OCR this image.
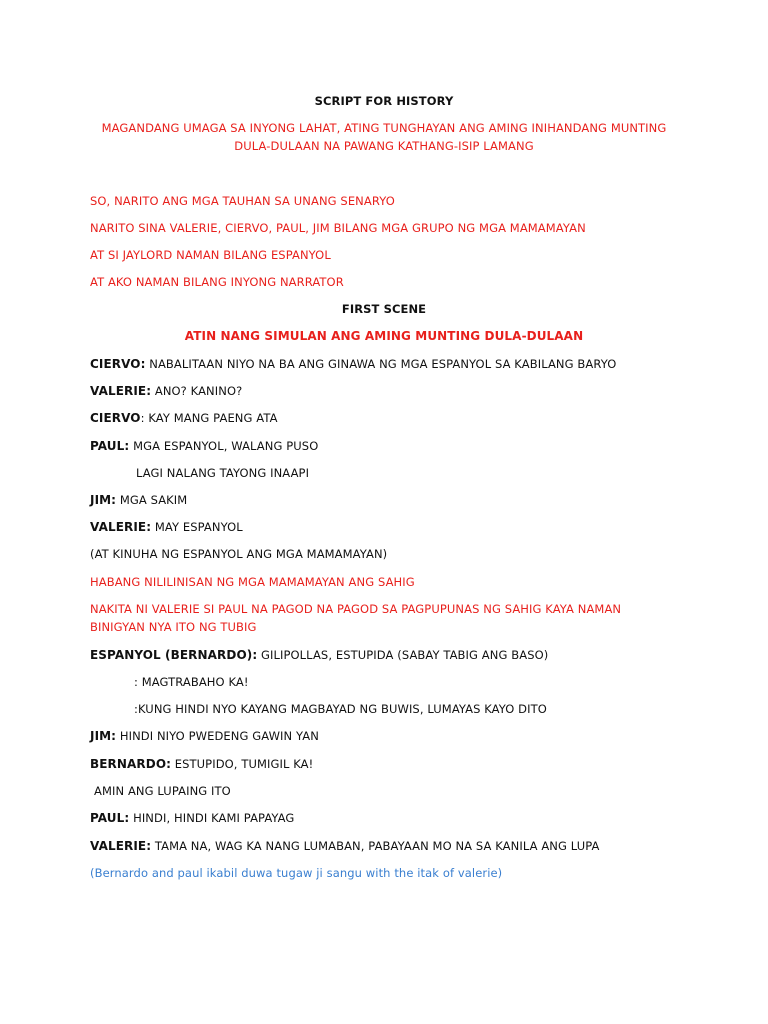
SCRIPT FOR HISTORY
MAGANDANG UMAGA SA INYONG LAHAT, ATING TUNGHAYAN ANG AMING INIHANDANG MUNTING
DULA-DULAAN NA PAWANG KATHANG-ISIP LAMANG
SO, NARITO ANG MGA TAUHAN SA UNANG SENARYO
NARITO SINA VALERIE, CIERVO, PAUL, JIM BILANG MGA GRUPO NG MGA MAMAMAYAN
AT SI JAYLORD NAMAN BILANG ESPANYOL
AT AKO NAMAN BILANG INYONG NARRATOR
FIRST SCENE
ATIN NANG SIMULAN ANG AMING MUNTING DULA-DULAAN
CIERVO: NABALITAAN NIYO NA BA ANG GINAWA NG MGA ESPANYOL SA KABILANG BARYO
VALERIE: ANO? KANINO?
CIERVO: KAY MANG PAENG ATA
PAUL: MGA ESPANYOL, WALANG PUSO
LAGI NALANG TAYONG INAAPI
JIM: MGA SAKIM
VALERIE: MAY ESPANYOL
(AT KINUHA NG ESPANYOL ANG MGA MAMAMAYAN)
HABANG NILILINISAN NG MGA MAMAMAYAN ANG SAHIG
NAKITA NI VALERIE SI PAUL NA PAGOD NA PAGOD SA PAGPUPUNAS NG SAHIG KAYA NAMAN
BINIGYAN NYA ITO NG TUBIG
ESPANYOL (BERNARDO): GILIPOLLAS, ESTUPIDA (SABAY TABIG ANG BASO)
: MAGTRABAHO KA!
:KUNG HINDI NYO KAYANG MAGBAYAD NG BUWIS, LUMAYAS KAYO DITO
JIM: HINDI NIYO PWEDENG GAWIN YAN
BERNARDO: ESTUPIDO, TUMIGIL KA!
AMIN ANG LUPAING ITO
PAUL: HINDI, HINDI KAMI PAPAYAG
VALERIE: TAMA NA, WAG KA NANG LUMABAN, PABAYAAN MO NA SA KANILA ANG LUPA
(Bernardo and paul ikabil duwa tugaw ji sangu with the itak of valerie)
